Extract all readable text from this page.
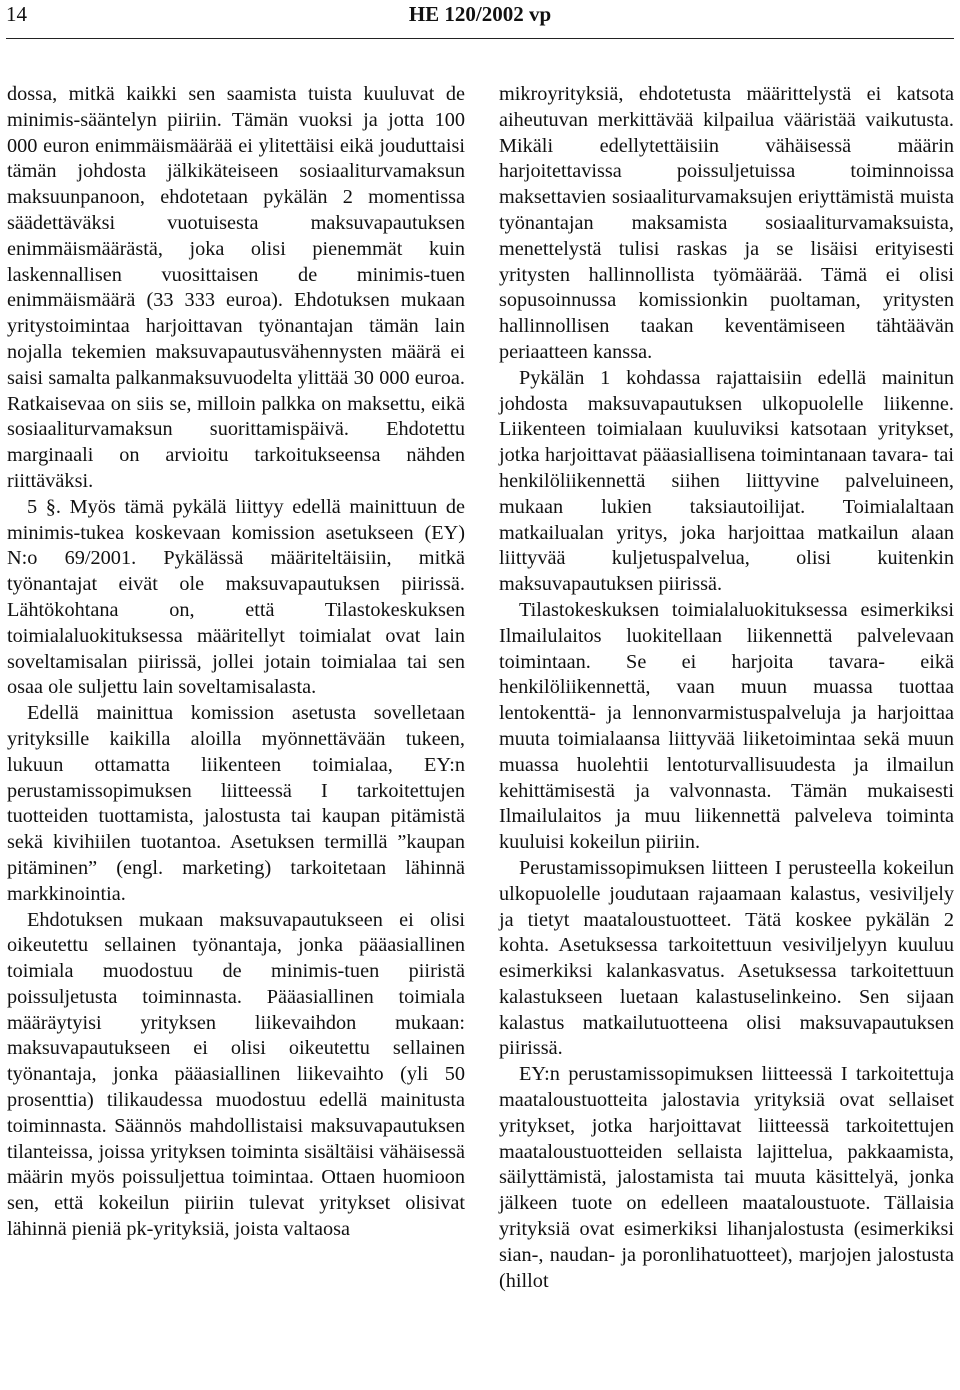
14	HE 120/2002 vp

dossa, mitkä kaikki sen saamista tuista kuuluvat de minimis-sääntelyn piiriin. Tämän vuoksi ja jotta 100 000 euron enimmäismäärää ei ylitettäisi eikä jouduttaisi tämän johdosta jälkikäteiseen sosiaaliturvamaksun maksuunpanoon, ehdotetaan pykälän 2 momentissa säädettäväksi vuotuisesta maksuvapautuksen enimmäismäärästä, joka olisi pienemmät kuin laskennallisen vuosittaisen de minimis-tuen enimmäismäärä (33 333 euroa). Ehdotuksen mukaan yritystoimintaa harjoittavan työnantajan tämän lain nojalla tekemien maksuvapautusvähennysten määrä ei saisi samalta palkanmaksuvuodelta ylittää 30 000 euroa. Ratkaisevaa on siis se, milloin palkka on maksettu, eikä sosiaaliturvamaksun suorittamispäivä. Ehdotettu marginaali on arvioitu tarkoitukseensa nähden riittäväksi.

5 §. Myös tämä pykälä liittyy edellä mainittuun de minimis-tukea koskevaan komission asetukseen (EY) N:o 69/2001. Pykälässä määriteltäisiin, mitkä työnantajat eivät ole maksuvapautuksen piirissä. Lähtökohtana on, että Tilastokeskuksen toimialaluokituksessa määritellyt toimialat ovat lain soveltamisalan piirissä, jollei jotain toimialaa tai sen osaa ole suljettu lain soveltamisalasta.

Edellä mainittua komission asetusta sovelletaan yrityksille kaikilla aloilla myönnettävään tukeen, lukuun ottamatta liikenteen toimialaa, EY:n perustamissopimuksen liitteessä I tarkoitettujen tuotteiden tuottamista, jalostusta tai kaupan pitämistä sekä kivihiilen tuotantoa. Asetuksen termillä ”kaupan pitäminen” (engl. marketing) tarkoitetaan lähinnä markkinointia.

Ehdotuksen mukaan maksuvapautukseen ei olisi oikeutettu sellainen työnantaja, jonka pääasiallinen toimiala muodostuu de minimis-tuen piiristä poissuljetusta toiminnasta. Pääasiallinen toimiala määräytyisi yrityksen liikevaihdon mukaan: maksuvapautukseen ei olisi oikeutettu sellainen työnantaja, jonka pääasiallinen liikevaihto (yli 50 prosenttia) tilikaudessa muodostuu edellä mainitusta toiminnasta. Säännös mahdollistaisi maksuvapautuksen tilanteissa, joissa yrityksen toiminta sisältäisi vähäisessä määrin myös poissuljettua toimintaa. Ottaen huomioon sen, että kokeilun piiriin tulevat yritykset olisivat lähinnä pieniä pk-yrityksiä, joista valtaosa

mikroyrityksiä, ehdotetusta määrittelystä ei katsota aiheutuvan merkittävää kilpailua vääristää vaikutusta. Mikäli edellytettäisiin vähäisessä määrin harjoitettavissa poissuljetuissa toiminnoissa maksettavien sosiaaliturvamaksujen eriyttämistä muista työnantajan maksamista sosiaaliturvamaksuista, menettelystä tulisi raskas ja se lisäisi erityisesti yritysten hallinnollista työmäärää. Tämä ei olisi sopusoinnussa komissionkin puoltaman, yritysten hallinnollisen taakan keventämiseen tähtäävän periaatteen kanssa.

Pykälän 1 kohdassa rajattaisiin edellä mainitun johdosta maksuvapautuksen ulkopuolelle liikenne. Liikenteen toimialaan kuuluviksi katsotaan yritykset, jotka harjoittavat pääasiallisena toimintanaan tavara- tai henkilöliikennettä siihen liittyvine palveluineen, mukaan lukien taksiautoilijat. Toimialaltaan matkailualan yritys, joka harjoittaa matkailun alaan liittyvää kuljetuspalvelua, olisi kuitenkin maksuvapautuksen piirissä.

Tilastokeskuksen toimialaluokituksessa esimerkiksi Ilmailulaitos luokitellaan liikennettä palvelevaan toimintaan. Se ei harjoita tavara- eikä henkilöliikennettä, vaan muun muassa tuottaa lentokenttä- ja lennonvarmistuspalveluja ja harjoittaa muuta toimialaansa liittyvää liiketoimintaa sekä muun muassa huolehtii lentoturvallisuudesta ja ilmailun kehittämisestä ja valvonnasta. Tämän mukaisesti Ilmailulaitos ja muu liikennettä palveleva toiminta kuuluisi kokeilun piiriin.

Perustamissopimuksen liitteen I perusteella kokeilun ulkopuolelle joudutaan rajaamaan kalastus, vesiviljely ja tietyt maataloustuotteet. Tätä koskee pykälän 2 kohta. Asetuksessa tarkoitettuun vesiviljelyyn kuuluu esimerkiksi kalankasvatus. Asetuksessa tarkoitettuun kalastukseen luetaan kalastuselinkeino. Sen sijaan kalastus matkailutuotteena olisi maksuvapautuksen piirissä.

EY:n perustamissopimuksen liitteessä I tarkoitettuja maataloustuotteita jalostavia yrityksiä ovat sellaiset yritykset, jotka harjoittavat liitteessä tarkoitettujen maataloustuotteiden sellaista lajittelua, pakkaamista, säilyttämistä, jalostamista tai muuta käsittelyä, jonka jälkeen tuote on edelleen maataloustuote. Tällaisia yrityksiä ovat esimerkiksi lihanjalostusta (esimerkiksi sian-, naudan- ja poronlihatuotteet), marjojen jalostusta (hillot
